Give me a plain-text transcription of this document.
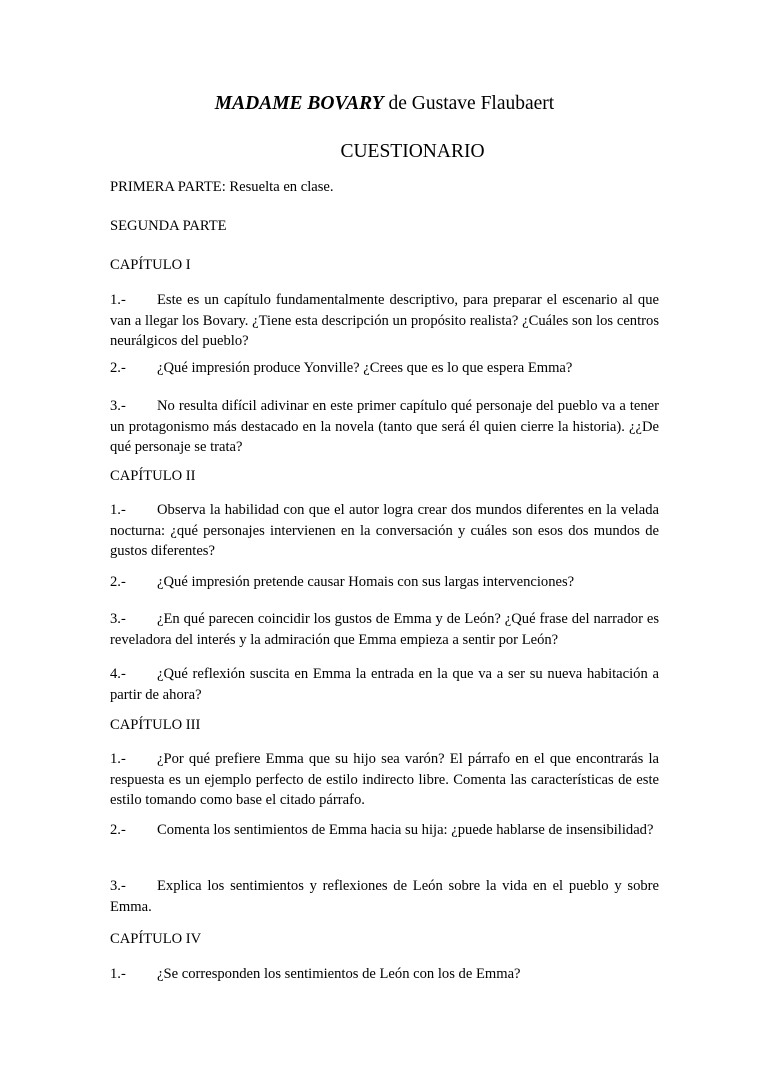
MADAME BOVARY de Gustave Flaubaert
CUESTIONARIO
PRIMERA PARTE: Resuelta en clase.
SEGUNDA PARTE
CAPÍTULO I

1.- Este es un capítulo fundamentalmente descriptivo, para preparar el escenario al que van a llegar los Bovary. ¿Tiene esta descripción un propósito realista? ¿Cuáles son los centros neurálgicos del pueblo?

2.- ¿Qué impresión produce Yonville? ¿Crees que es lo que espera Emma?

3.- No resulta difícil adivinar en este primer capítulo qué personaje del pueblo va a tener un protagonismo más destacado en la novela (tanto que será él quien cierre la historia). ¿¿De qué personaje se trata?

CAPÍTULO II

1.- Observa la habilidad con que el autor logra crear dos mundos diferentes en la velada nocturna: ¿qué personajes intervienen en la conversación y cuáles son esos dos mundos de gustos diferentes?

2.- ¿Qué impresión pretende causar Homais con sus largas intervenciones?

3.- ¿En qué parecen coincidir los gustos de Emma y de León? ¿Qué frase del narrador es reveladora del interés y la admiración que Emma empieza a sentir por León?

4.- ¿Qué reflexión suscita en Emma la entrada en la que va a ser su nueva habitación a partir de ahora?

CAPÍTULO III

1.- ¿Por qué prefiere Emma que su hijo sea varón? El párrafo en el que encontrarás la respuesta es un ejemplo perfecto de estilo indirecto libre. Comenta las características de este estilo tomando como base el citado párrafo.

2.- Comenta los sentimientos de Emma hacia su hija: ¿puede hablarse de insensibilidad?

3.- Explica los sentimientos y reflexiones de León sobre la vida en el pueblo y sobre Emma.

CAPÍTULO IV

1.- ¿Se corresponden los sentimientos de León con los de Emma?
